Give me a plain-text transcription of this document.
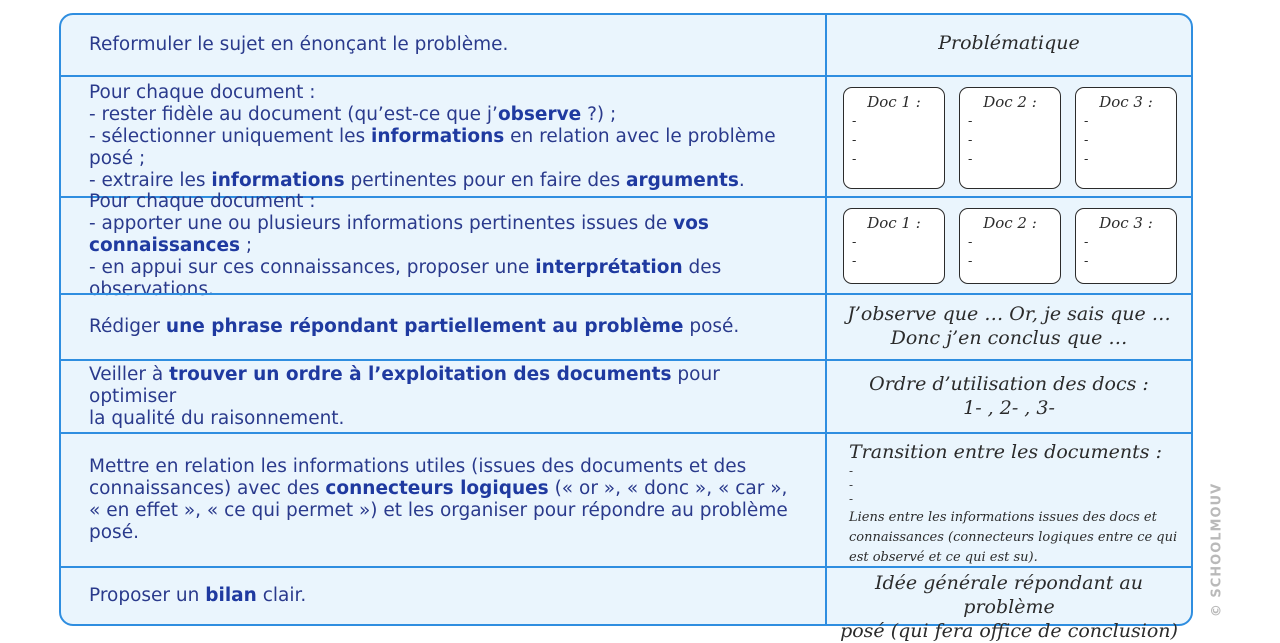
Reformuler le sujet en énonçant le problème.	Problématique
Pour chaque document :
- rester fidèle au document (qu’est-ce que j’observe ?) ;
- sélectionner uniquement les informations en relation avec le problème posé ;
- extraire les informations pertinentes pour en faire des arguments.
Doc 1 :
-
-
-
Doc 2 :
-
-
-
Doc 3 :
-
-
-
Pour chaque document :
- apporter une ou plusieurs informations pertinentes issues de vos connaissances ;
- en appui sur ces connaissances, proposer une interprétation des observations.
Doc 1 :
-
-
Doc 2 :
-
-
Doc 3 :
-
-
Rédiger une phrase répondant partiellement au problème posé.
J’observe que … Or, je sais que …
Donc j’en conclus que …
Veiller à trouver un ordre à l’exploitation des documents pour optimiser
la qualité du raisonnement.
Ordre d’utilisation des docs :
1- , 2- , 3-
Mettre en relation les informations utiles (issues des documents et des
connaissances) avec des connecteurs logiques (« or », « donc », « car »,
« en effet », « ce qui permet ») et les organiser pour répondre au problème posé.
Transition entre les documents :
-
-
-
Liens entre les informations issues des docs et connaissances (connecteurs logiques entre ce qui est observé et ce qui est su).
Proposer un bilan clair.
Idée générale répondant au problème
posé (qui fera office de conclusion)
© SCHOOLMOUV
